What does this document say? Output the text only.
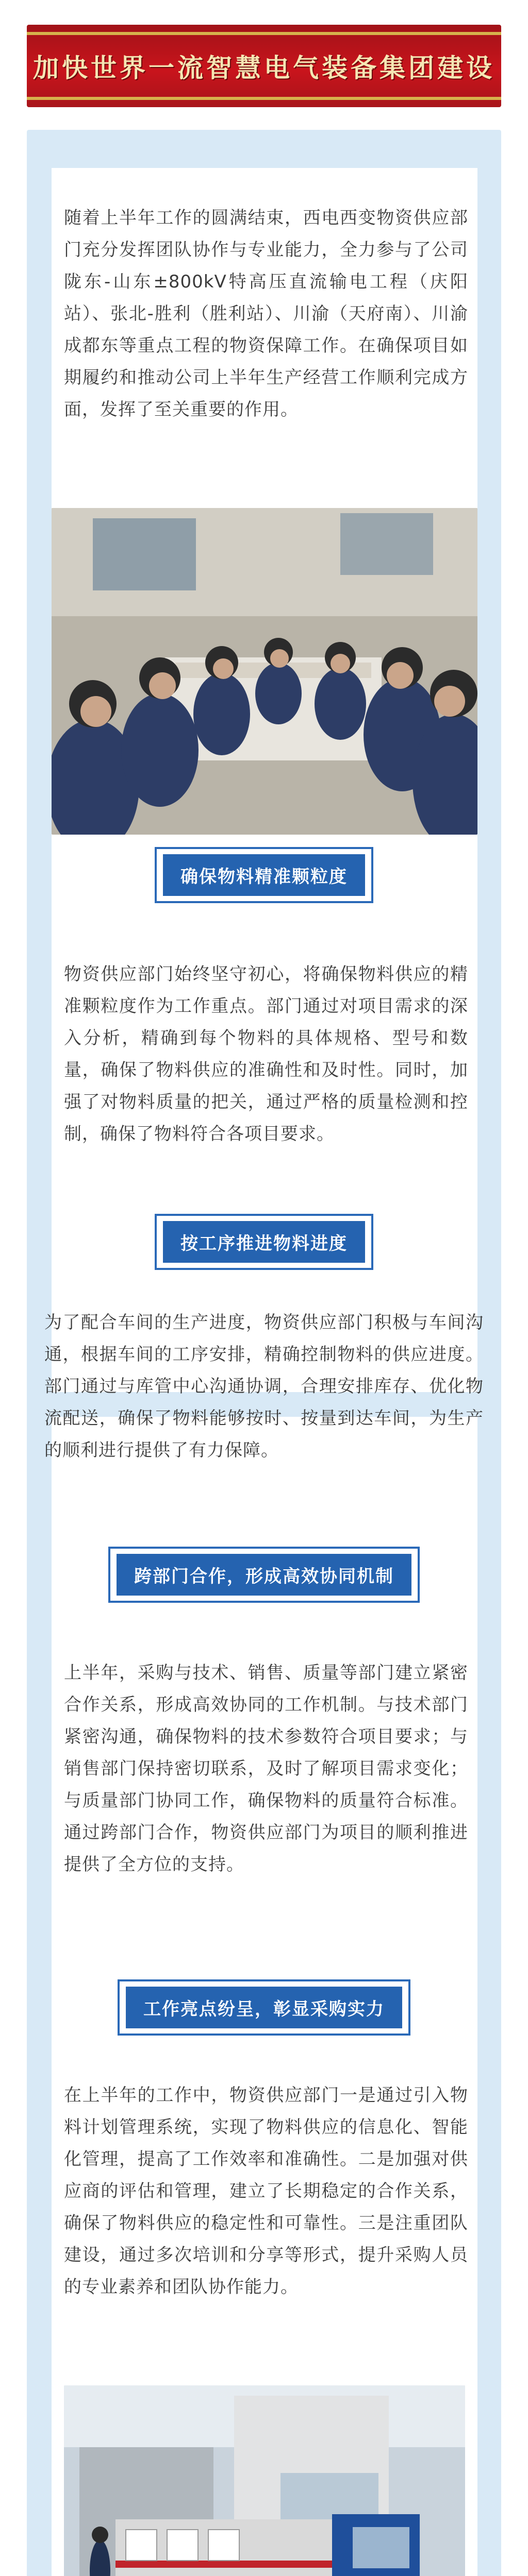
加快世界一流智慧电气装备集团建设
随着上半年工作的圆满结束，西电西变物资供应部门充分发挥团队协作与专业能力，全力参与了公司陇东-山东±800kV特高压直流输电工程（庆阳站）、张北-胜利（胜利站）、川渝（天府南）、川渝成都东等重点工程的物资保障工作。在确保项目如期履约和推动公司上半年生产经营工作顺利完成方面，发挥了至关重要的作用。
确保物料精准颗粒度
物资供应部门始终坚守初心，将确保物料供应的精准颗粒度作为工作重点。部门通过对项目需求的深入分析，精确到每个物料的具体规格、型号和数量，确保了物料供应的准确性和及时性。同时，加强了对物料质量的把关，通过严格的质量检测和控制，确保了物料符合各项目要求。
按工序推进物料进度
为了配合车间的生产进度，物资供应部门积极与车间沟通，根据车间的工序安排，精确控制物料的供应进度。部门通过与库管中心沟通协调，合理安排库存、优化物流配送，确保了物料能够按时、按量到达车间，为生产的顺利进行提供了有力保障。
跨部门合作，形成高效协同机制
上半年，采购与技术、销售、质量等部门建立紧密合作关系，形成高效协同的工作机制。与技术部门紧密沟通，确保物料的技术参数符合项目要求；与销售部门保持密切联系，及时了解项目需求变化；与质量部门协同工作，确保物料的质量符合标准。通过跨部门合作，物资供应部门为项目的顺利推进提供了全方位的支持。
工作亮点纷呈，彰显采购实力
在上半年的工作中，物资供应部门一是通过引入物料计划管理系统，实现了物料供应的信息化、智能化管理，提高了工作效率和准确性。二是加强对供应商的评估和管理，建立了长期稳定的合作关系，确保了物料供应的稳定性和可靠性。三是注重团队建设，通过多次培训和分享等形式，提升采购人员的专业素养和团队协作能力。
